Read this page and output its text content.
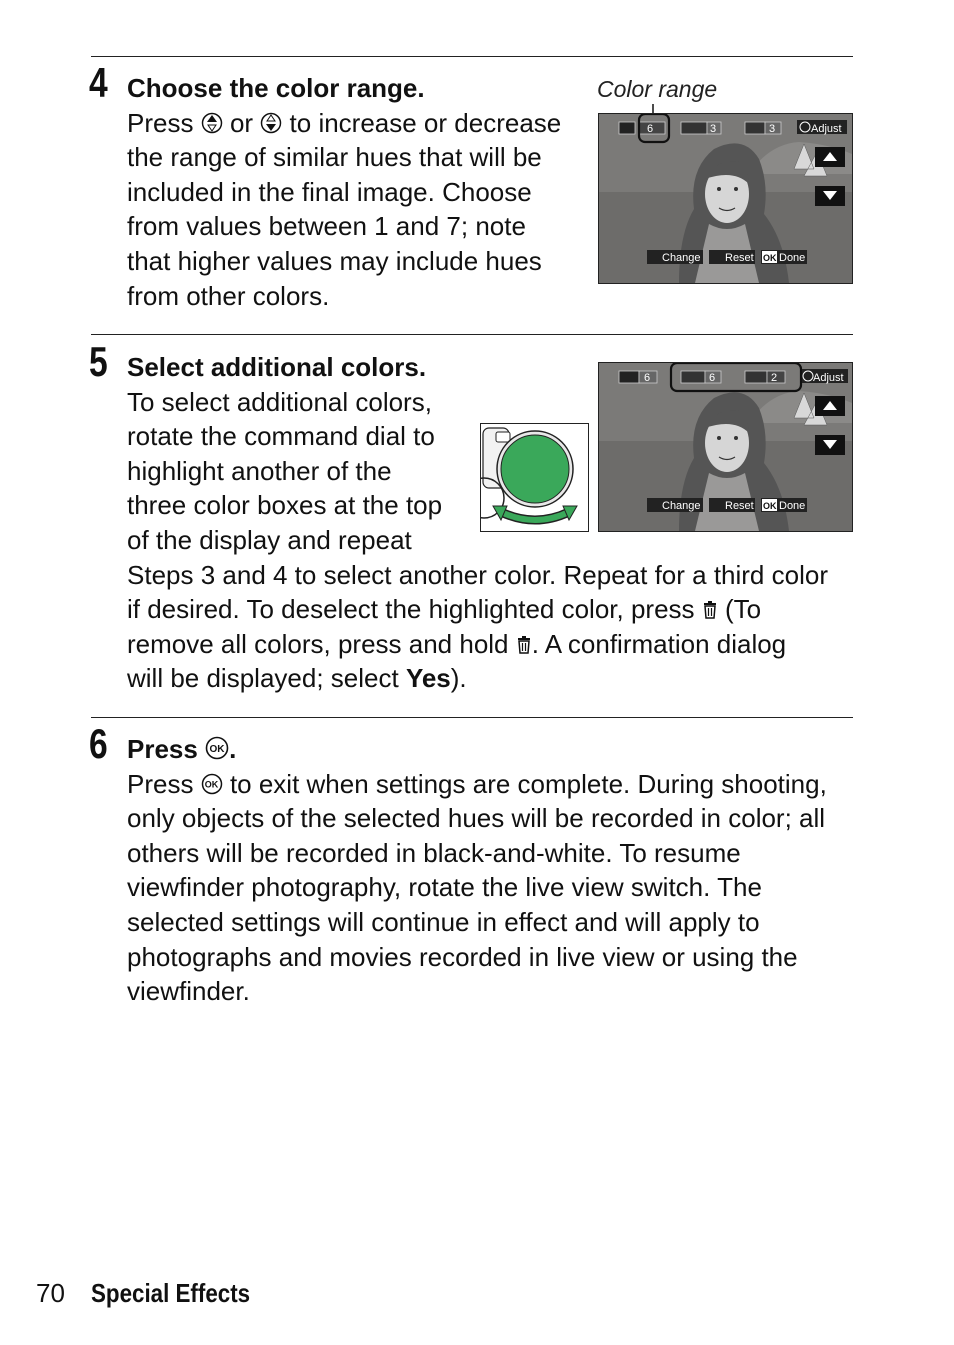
4 Choose the color range.
Press or to increase or decrease
the range of similar hues that will be
included in the final image. Choose
from values between 1 and 7; note
that higher values may include hues
from other colors.
Color range
6	3	3	Adjust
Change Reset OK Done
5 Select additional colors.
To select additional colors,
rotate the command dial to
highlight another of the
three color boxes at the top
of the display and repeat
Steps 3 and 4 to select another color. Repeat for a third color
if desired. To deselect the highlighted color, press (To
remove all colors, press and hold . A confirmation dialog
will be displayed; select Yes).
6	6	2	Adjust
Change Reset OK Done
6 Press OK .
Press OK to exit when settings are complete. During shooting,
only objects of the selected hues will be recorded in color; all
others will be recorded in black-and-white. To resume
viewfinder photography, rotate the live view switch. The
selected settings will continue in effect and will apply to
photographs and movies recorded in live view or using the
viewfinder.
70 Special Effects
